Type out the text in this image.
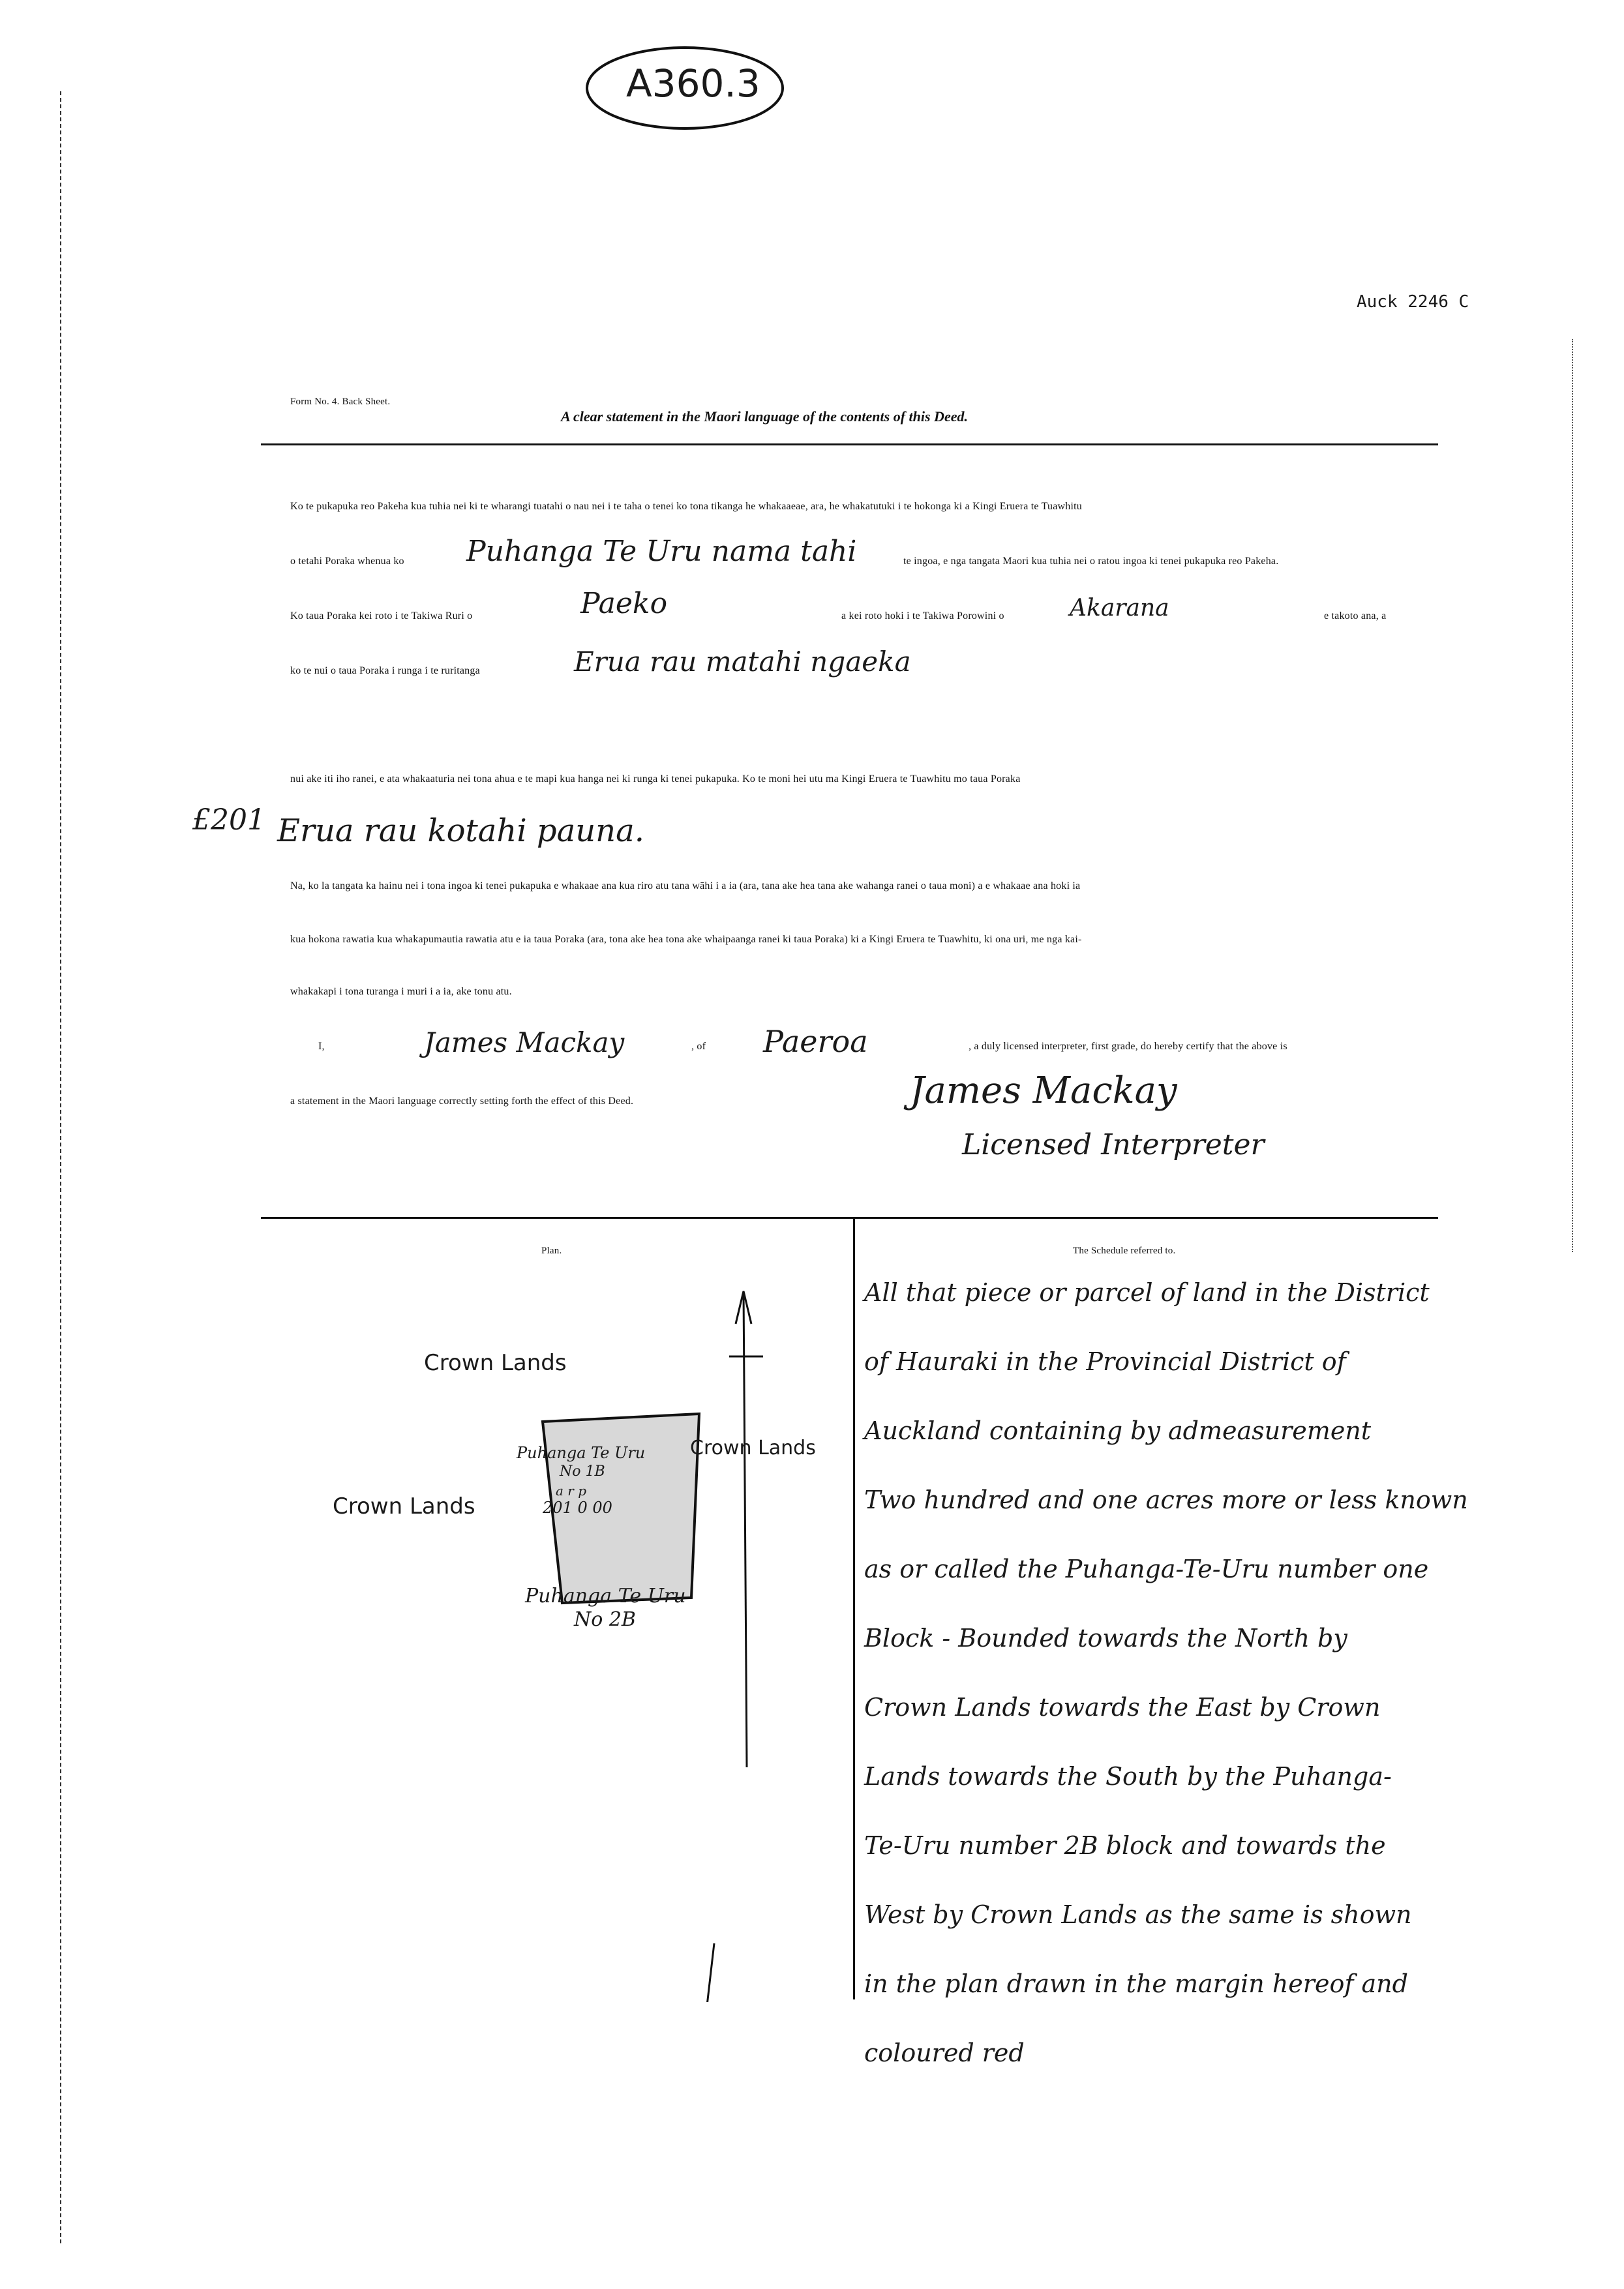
A360.3
Auck 2246 C
Form No. 4. Back Sheet.
A clear statement in the Maori language of the contents of this Deed.
Ko te pukapuka reo Pakeha kua tuhia nei ki te wharangi tuatahi o nau nei i te taha o tenei ko tona tikanga he whakaaeae, ara, he whakatutuki i te hokonga ki a Kingi Eruera te Tuawhitu
o tetahi Poraka whenua ko Puhanga Te Uru nama tahi	te ingoa, e nga tangata Maori kua tuhia nei o ratou ingoa ki tenei pukapuka reo Pakeha.
Ko taua Poraka kei roto i te Takiwa Ruri o	Paeko	a kei roto hoki i te Takiwa Porowini o	Akarana	e takoto ana, a
ko te nui o taua Poraka i runga i te ruritanga	Erua rau matahi ngaeka
nui ake iti iho ranei, e ata whakaaturia nei tona ahua e te mapi kua hanga nei ki runga ki tenei pukapuka. Ko te moni hei utu ma Kingi Eruera te Tuawhitu mo taua Poraka
£201 Erua rau kotahi pauna.
Na, ko la tangata ka hainu nei i tona ingoa ki tenei pukapuka e whakaae ana kua riro atu tana wāhi i a ia (ara, tana ake hea tana ake wahanga ranei o taua moni) a e whakaae ana hoki ia
kua hokona rawatia kua whakapumautia rawatia atu e ia taua Poraka (ara, tona ake hea tona ake whaipaanga ranei ki taua Poraka) ki a Kingi Eruera te Tuawhitu, ki ona uri, me nga kai-
whakakapi i tona turanga i muri i a ia, ake tonu atu.
I,	James Mackay	, of Paeroa	, a duly licensed interpreter, first grade, do hereby certify that the above is
a statement in the Maori language correctly setting forth the effect of this Deed.	James Mackay
Licensed Interpreter
Plan.
Crown Lands
Crown Lands
Crown Lands
Puhanga Te Uru
No 1B
a r p
201 0 00
Puhanga Te Uru
No 2B
The Schedule referred to.
All that piece or parcel of land in the District
of Hauraki in the Provincial District of
Auckland containing by admeasurement
Two hundred and one acres more or less known
as or called the Puhanga-Te-Uru number one
Block - Bounded towards the North by
Crown Lands towards the East by Crown
Lands towards the South by the Puhanga-
Te-Uru number 2B block and towards the
West by Crown Lands as the same is shown
in the plan drawn in the margin hereof and
coloured red
